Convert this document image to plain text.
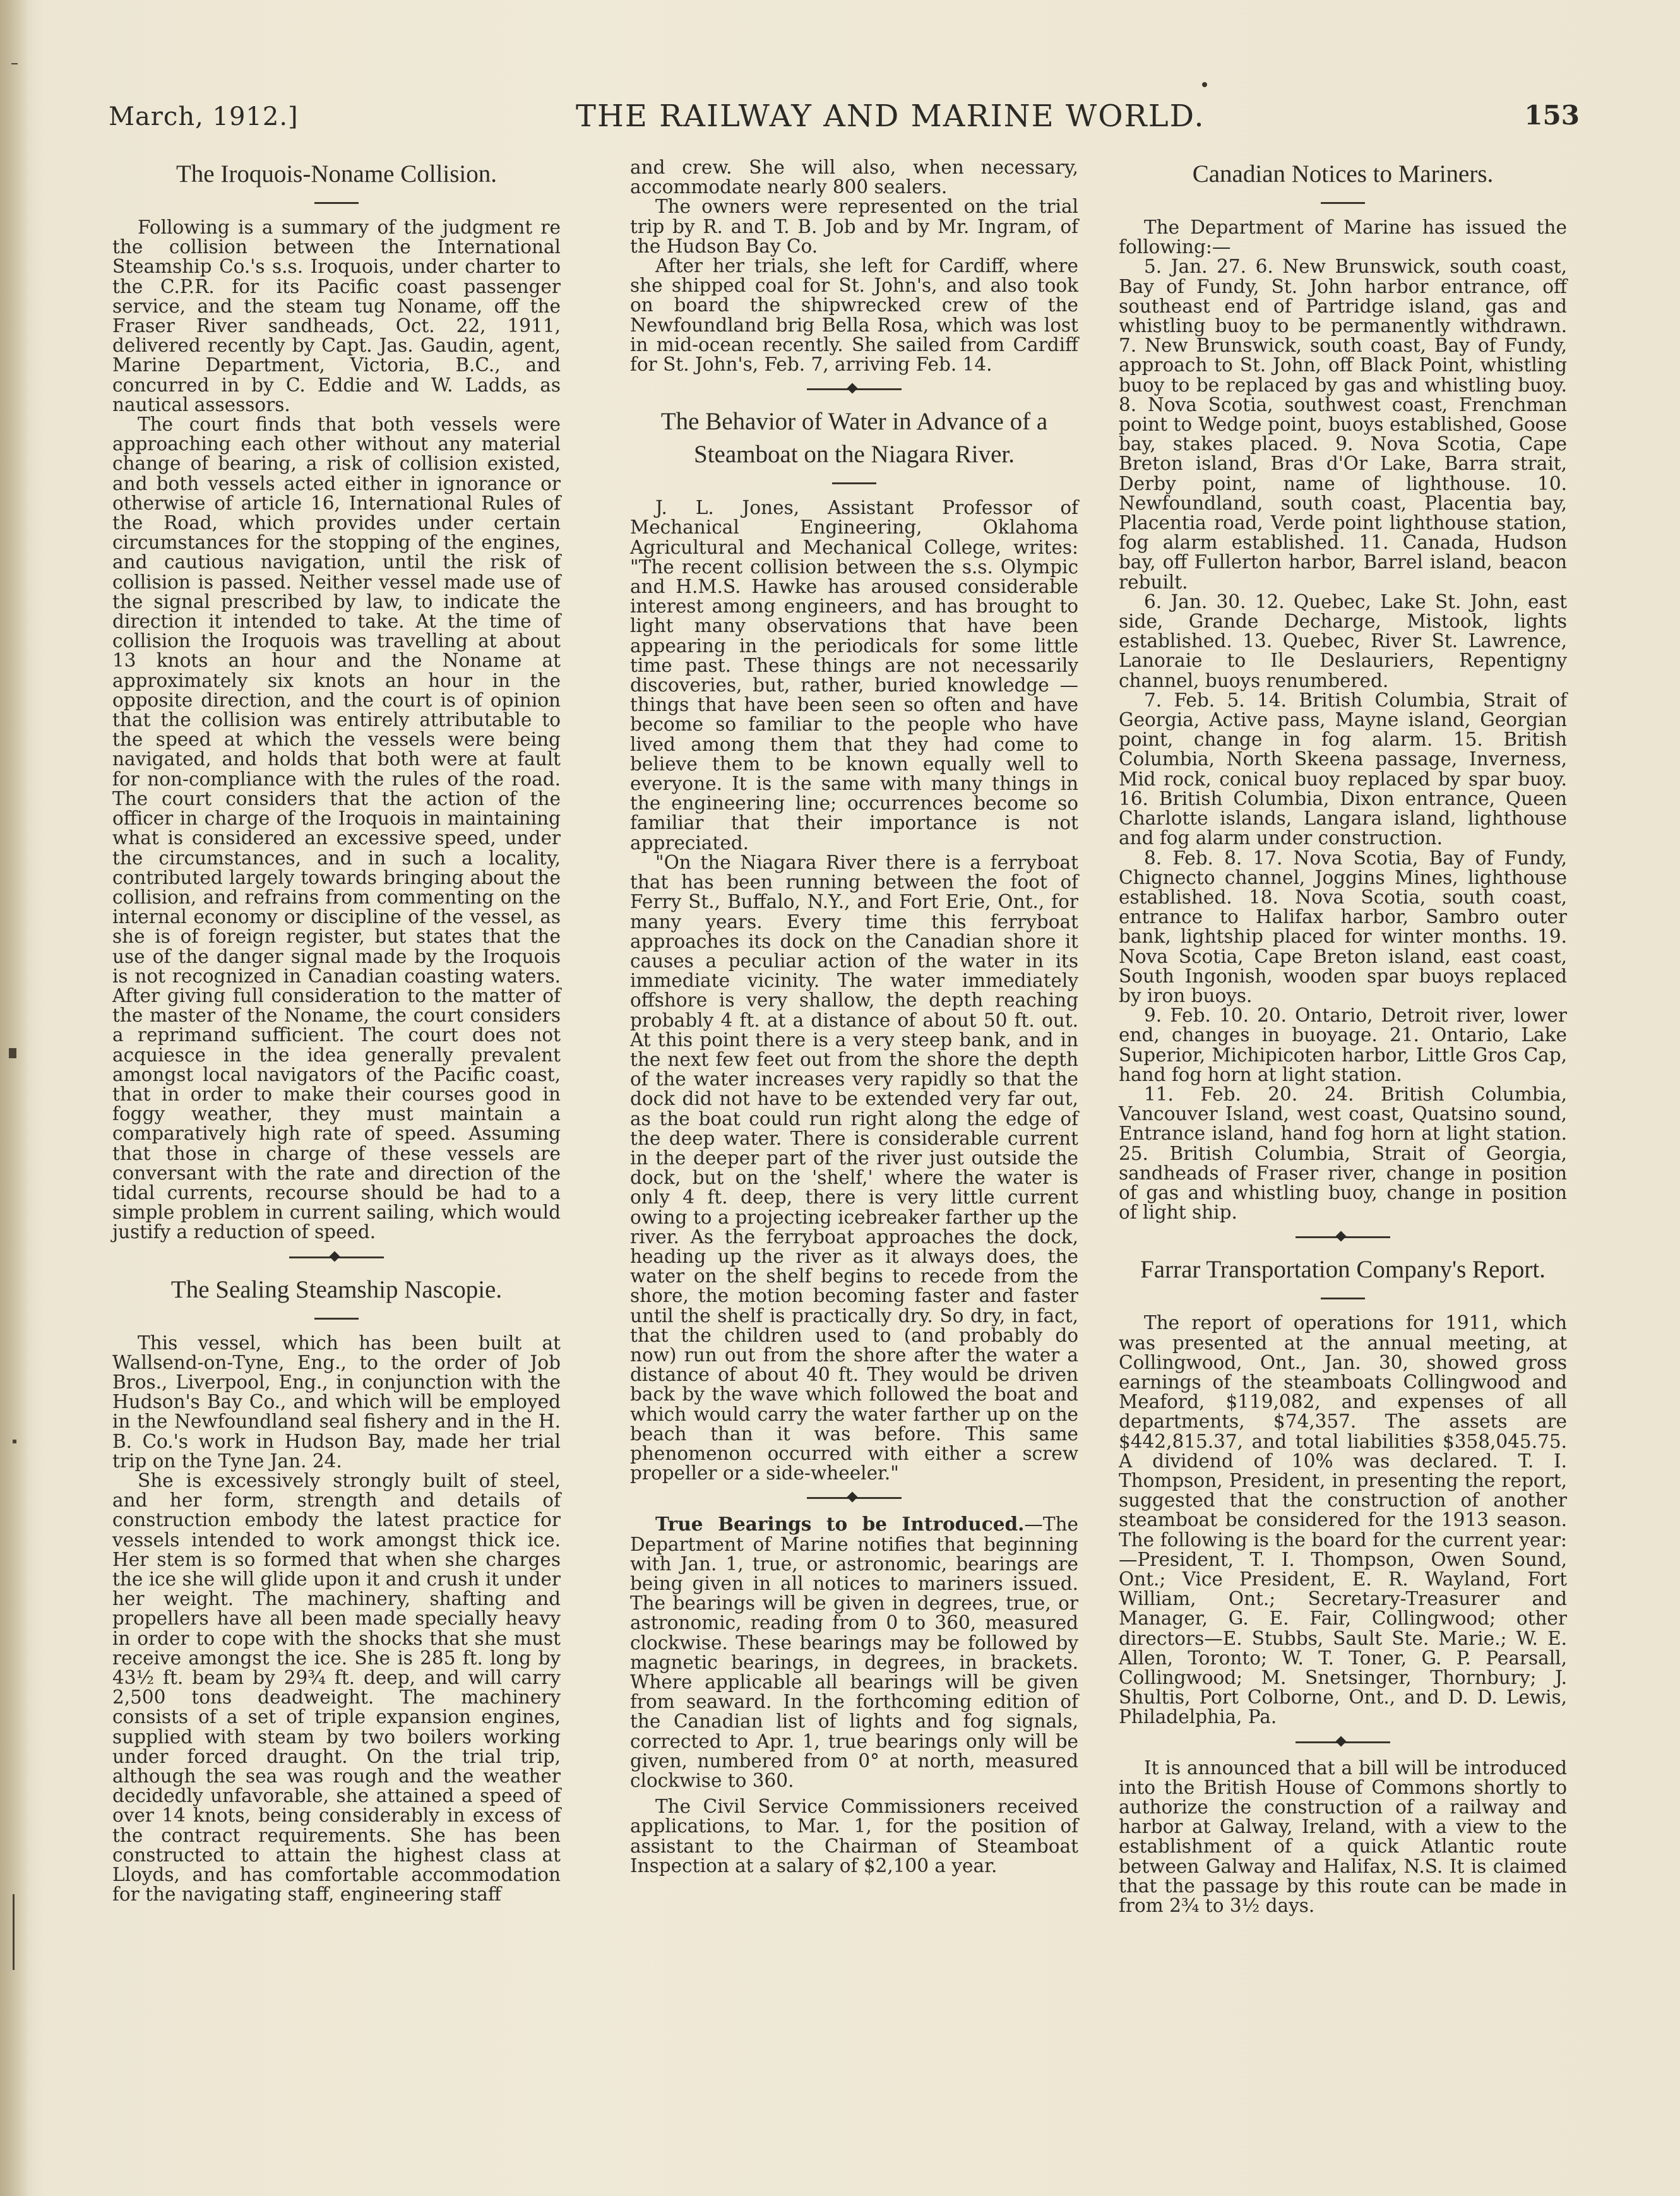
March, 1912.]	THE RAILWAY AND MARINE WORLD.	153
The Iroquois-Noname Collision.

Following is a summary of the judgment re the collision between the International Steamship Co.'s s.s. Iroquois, under charter to the C.P.R. for its Pacific coast passenger service, and the steam tug Noname, off the Fraser River sandheads, Oct. 22, 1911, delivered recently by Capt. Jas. Gaudin, agent, Marine Department, Victoria, B.C., and concurred in by C. Eddie and W. Ladds, as nautical assessors.

The court finds that both vessels were approaching each other without any material change of bearing, a risk of collision existed, and both vessels acted either in ignorance or otherwise of article 16, International Rules of the Road, which provides under certain circumstances for the stopping of the engines, and cautious navigation, until the risk of collision is passed. Neither vessel made use of the signal prescribed by law, to indicate the direction it intended to take. At the time of collision the Iroquois was travelling at about 13 knots an hour and the Noname at approximately six knots an hour in the opposite direction, and the court is of opinion that the collision was entirely attributable to the speed at which the vessels were being navigated, and holds that both were at fault for non-compliance with the rules of the road. The court considers that the action of the officer in charge of the Iroquois in maintaining what is considered an excessive speed, under the circumstances, and in such a locality, contributed largely towards bringing about the collision, and refrains from commenting on the internal economy or discipline of the vessel, as she is of foreign register, but states that the use of the danger signal made by the Iroquois is not recognized in Canadian coasting waters. After giving full consideration to the matter of the master of the Noname, the court considers a reprimand sufficient. The court does not acquiesce in the idea generally prevalent amongst local navigators of the Pacific coast, that in order to make their courses good in foggy weather, they must maintain a comparatively high rate of speed. Assuming that those in charge of these vessels are conversant with the rate and direction of the tidal currents, recourse should be had to a simple problem in current sailing, which would justify a reduction of speed.

The Sealing Steamship Nascopie.

This vessel, which has been built at Wallsend-on-Tyne, Eng., to the order of Job Bros., Liverpool, Eng., in conjunction with the Hudson's Bay Co., and which will be employed in the Newfoundland seal fishery and in the H. B. Co.'s work in Hudson Bay, made her trial trip on the Tyne Jan. 24.

She is excessively strongly built of steel, and her form, strength and details of construction embody the latest practice for vessels intended to work amongst thick ice. Her stem is so formed that when she charges the ice she will glide upon it and crush it under her weight. The machinery, shafting and propellers have all been made specially heavy in order to cope with the shocks that she must receive amongst the ice. She is 285 ft. long by 43½ ft. beam by 29¾ ft. deep, and will carry 2,500 tons deadweight. The machinery consists of a set of triple expansion engines, supplied with steam by two boilers working under forced draught. On the trial trip, although the sea was rough and the weather decidedly unfavorable, she attained a speed of over 14 knots, being considerably in excess of the contract requirements. She has been constructed to attain the highest class at Lloyds, and has comfortable accommodation for the navigating staff, engineering staff

and crew. She will also, when necessary, accommodate nearly 800 sealers.

The owners were represented on the trial trip by R. and T. B. Job and by Mr. Ingram, of the Hudson Bay Co.

After her trials, she left for Cardiff, where she shipped coal for St. John's, and also took on board the shipwrecked crew of the Newfoundland brig Bella Rosa, which was lost in mid-ocean recently. She sailed from Cardiff for St. John's, Feb. 7, arriving Feb. 14.

The Behavior of Water in Advance of a Steamboat on the Niagara River.

J. L. Jones, Assistant Professor of Mechanical Engineering, Oklahoma Agricultural and Mechanical College, writes: "The recent collision between the s.s. Olympic and H.M.S. Hawke has aroused considerable interest among engineers, and has brought to light many observations that have been appearing in the periodicals for some little time past. These things are not necessarily discoveries, but, rather, buried knowledge —things that have been seen so often and have become so familiar to the people who have lived among them that they had come to believe them to be known equally well to everyone. It is the same with many things in the engineering line; occurrences become so familiar that their importance is not appreciated.

"On the Niagara River there is a ferryboat that has been running between the foot of Ferry St., Buffalo, N.Y., and Fort Erie, Ont., for many years. Every time this ferryboat approaches its dock on the Canadian shore it causes a peculiar action of the water in its immediate vicinity. The water immediately offshore is very shallow, the depth reaching probably 4 ft. at a distance of about 50 ft. out. At this point there is a very steep bank, and in the next few feet out from the shore the depth of the water increases very rapidly so that the dock did not have to be extended very far out, as the boat could run right along the edge of the deep water. There is considerable current in the deeper part of the river just outside the dock, but on the 'shelf,' where the water is only 4 ft. deep, there is very little current owing to a projecting icebreaker farther up the river. As the ferryboat approaches the dock, heading up the river as it always does, the water on the shelf begins to recede from the shore, the motion becoming faster and faster until the shelf is practically dry. So dry, in fact, that the children used to (and probably do now) run out from the shore after the water a distance of about 40 ft. They would be driven back by the wave which followed the boat and which would carry the water farther up on the beach than it was before. This same phenomenon occurred with either a screw propeller or a side-wheeler."

True Bearings to be Introduced.—The Department of Marine notifies that beginning with Jan. 1, true, or astronomic, bearings are being given in all notices to mariners issued. The bearings will be given in degrees, true, or astronomic, reading from 0 to 360, measured clockwise. These bearings may be followed by magnetic bearings, in degrees, in brackets. Where applicable all bearings will be given from seaward. In the forthcoming edition of the Canadian list of lights and fog signals, corrected to Apr. 1, true bearings only will be given, numbered from 0° at north, measured clockwise to 360.

The Civil Service Commissioners received applications, to Mar. 1, for the position of assistant to the Chairman of Steamboat Inspection at a salary of $2,100 a year.

Canadian Notices to Mariners.

The Department of Marine has issued the following:—

5. Jan. 27. 6. New Brunswick, south coast, Bay of Fundy, St. John harbor entrance, off southeast end of Partridge island, gas and whistling buoy to be permanently withdrawn. 7. New Brunswick, south coast, Bay of Fundy, approach to St. John, off Black Point, whistling buoy to be replaced by gas and whistling buoy. 8. Nova Scotia, southwest coast, Frenchman point to Wedge point, buoys established, Goose bay, stakes placed. 9. Nova Scotia, Cape Breton island, Bras d'Or Lake, Barra strait, Derby point, name of lighthouse. 10. Newfoundland, south coast, Placentia bay, Placentia road, Verde point lighthouse station, fog alarm established. 11. Canada, Hudson bay, off Fullerton harbor, Barrel island, beacon rebuilt.

6. Jan. 30. 12. Quebec, Lake St. John, east side, Grande Decharge, Mistook, lights established. 13. Quebec, River St. Lawrence, Lanoraie to Ile Deslauriers, Repentigny channel, buoys renumbered.

7. Feb. 5. 14. British Columbia, Strait of Georgia, Active pass, Mayne island, Georgian point, change in fog alarm. 15. British Columbia, North Skeena passage, Inverness, Mid rock, conical buoy replaced by spar buoy. 16. British Columbia, Dixon entrance, Queen Charlotte islands, Langara island, lighthouse and fog alarm under construction.

8. Feb. 8. 17. Nova Scotia, Bay of Fundy, Chignecto channel, Joggins Mines, lighthouse established. 18. Nova Scotia, south coast, entrance to Halifax harbor, Sambro outer bank, lightship placed for winter months. 19. Nova Scotia, Cape Breton island, east coast, South Ingonish, wooden spar buoys replaced by iron buoys.

9. Feb. 10. 20. Ontario, Detroit river, lower end, changes in buoyage. 21. Ontario, Lake Superior, Michipicoten harbor, Little Gros Cap, hand fog horn at light station.

11. Feb. 20. 24. British Columbia, Vancouver Island, west coast, Quatsino sound, Entrance island, hand fog horn at light station. 25. British Columbia, Strait of Georgia, sandheads of Fraser river, change in position of gas and whistling buoy, change in position of light ship.

Farrar Transportation Company's Report.

The report of operations for 1911, which was presented at the annual meeting, at Collingwood, Ont., Jan. 30, showed gross earnings of the steamboats Collingwood and Meaford, $119,082, and expenses of all departments, $74,357. The assets are $442,815.37, and total liabilities $358,045.75. A dividend of 10% was declared. T. I. Thompson, President, in presenting the report, suggested that the construction of another steamboat be considered for the 1913 season. The following is the board for the current year:—President, T. I. Thompson, Owen Sound, Ont.; Vice President, E. R. Wayland, Fort William, Ont.; Secretary-Treasurer and Manager, G. E. Fair, Collingwood; other directors—E. Stubbs, Sault Ste. Marie.; W. E. Allen, Toronto; W. T. Toner, G. P. Pearsall, Collingwood; M. Snetsinger, Thornbury; J. Shultis, Port Colborne, Ont., and D. D. Lewis, Philadelphia, Pa.

It is announced that a bill will be introduced into the British House of Commons shortly to authorize the construction of a railway and harbor at Galway, Ireland, with a view to the establishment of a quick Atlantic route between Galway and Halifax, N.S. It is claimed that the passage by this route can be made in from 2¾ to 3½ days.
